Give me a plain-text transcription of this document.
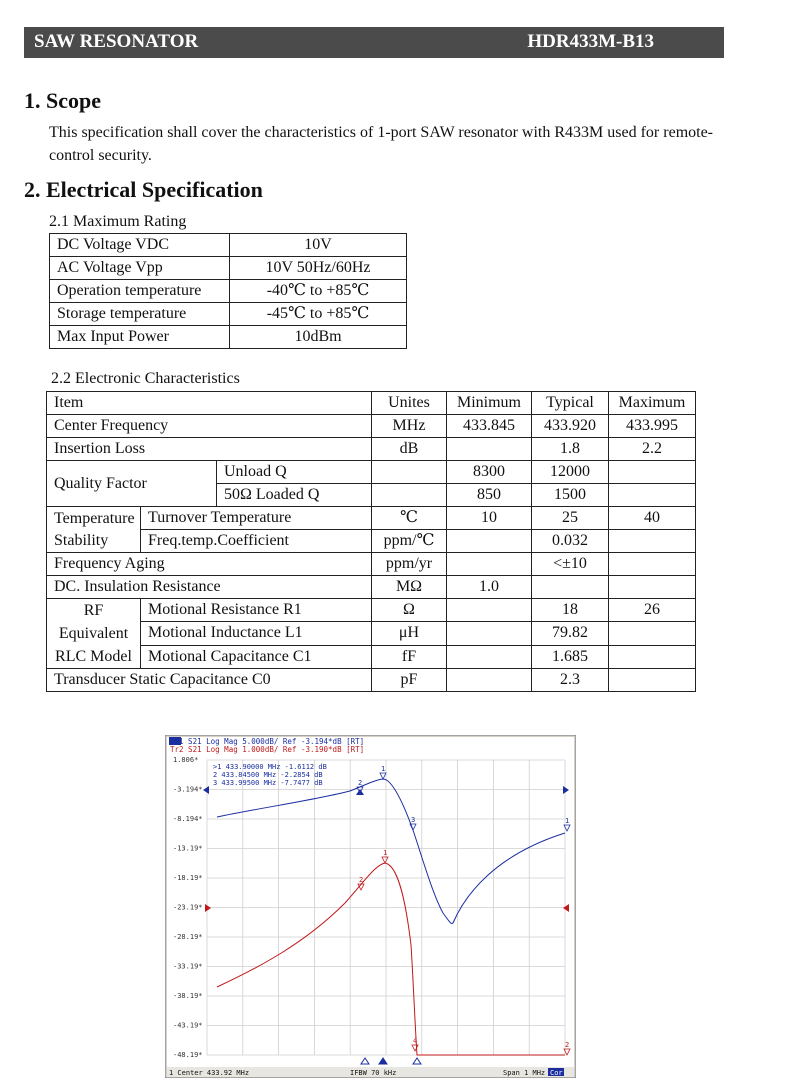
SAW RESONATOR	HDR433M-B13
1. Scope
This specification shall cover the characteristics of 1-port SAW resonator with R433M used for remote-control security.
2. Electrical Specification
2.1 Maximum Rating
DC Voltage VDC	10V
AC Voltage Vpp	10V 50Hz/60Hz
Operation temperature	-40℃ to +85℃
Storage temperature	-45℃ to +85℃
Max Input Power	10dBm
2.2 Electronic Characteristics
Item			Unites	Minimum	Typical	Maximum
Center Frequency			MHz	433.845	433.920	433.995
Insertion Loss			dB		1.8	2.2
Quality Factor		Unload Q		8300	12000	
		50Ω Loaded Q		850	1500	
Temperature
Stability	Turnover Temperature		℃	10	25	40
	Freq.temp.Coefficient		ppm/℃		0.032	
Frequency Aging			ppm/yr		<±10	
DC. Insulation Resistance			MΩ	1.0		
RF
Equivalent
RLC Model	Motional Resistance R1		Ω		18	26
	Motional Inductance L1		μH		79.82	
	Motional Capacitance C1		fF		1.685	
Transducer Static Capacitance C0			pF		2.3	
Tr1 S21 Log Mag 5.000dB/ Ref -3.194*dB [RT]
Tr2 S21 Log Mag 1.000dB/ Ref -3.190*dB [RT]
>1 433.90000 MHz -1.6112 dB
2 433.84500 MHz -2.2854 dB
3 433.99500 MHz -7.7477 dB
1.806*
-3.194*
-8.194*
-13.19*
-18.19*
-23.19*
-28.19*
-33.19*
-38.19*
-43.19*
-48.19*
1
2
3
1
2
4
1
2
1 Center 433.92 MHz	IFBW 70 kHz	Span 1 MHz Cor
